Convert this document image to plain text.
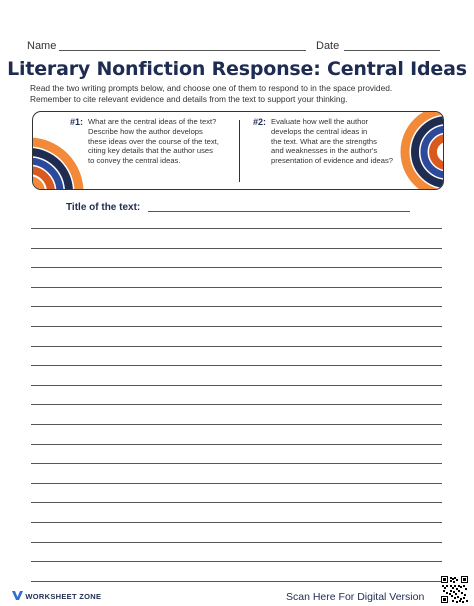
Name	Date
Literary Nonfiction Response: Central Ideas
Read the two writing prompts below, and choose one of them to respond to in the space provided.
Remember to cite relevant evidence and details from the text to support your thinking.
#1: What are the central ideas of the text?
Describe how the author develops
these ideas over the course of the text,
citing key details that the author uses
to convey the central ideas.
#2: Evaluate how well the author
develops the central ideas in
the text. What are the strengths
and weaknesses in the author's
presentation of evidence and ideas?
Title of the text:
WORKSHEET ZONE	Scan Here For Digital Version
